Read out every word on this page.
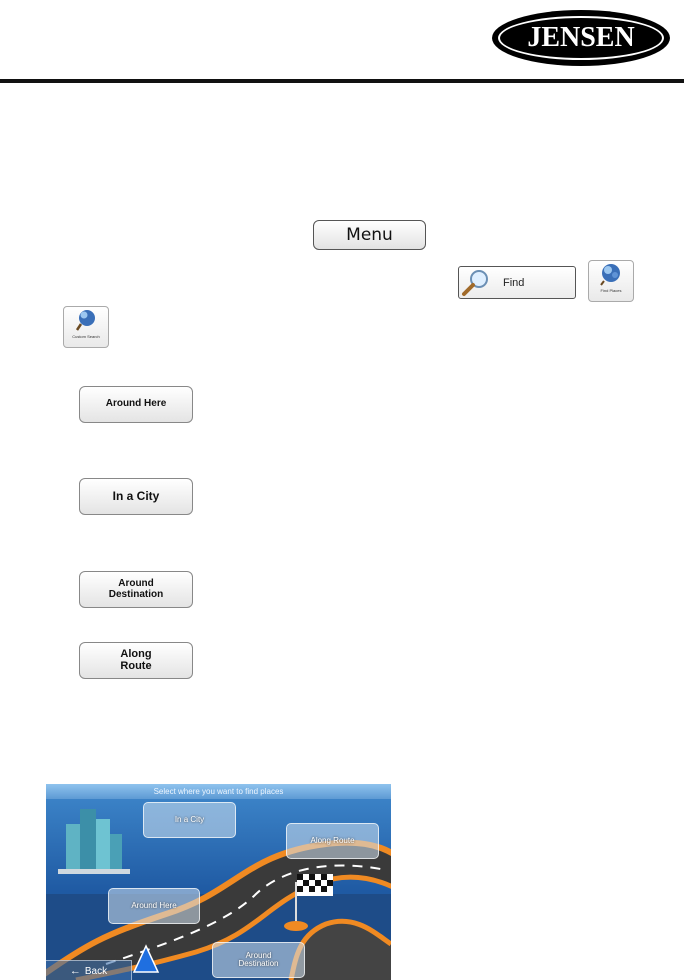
JENSEN	®
Menu
Find
Find Places
Custom Search
Around Here
In a City
Around
Destination
Along
Route
Select where you want to find places
In a City
Along Route
Around Here
Around
Destination
← Back
